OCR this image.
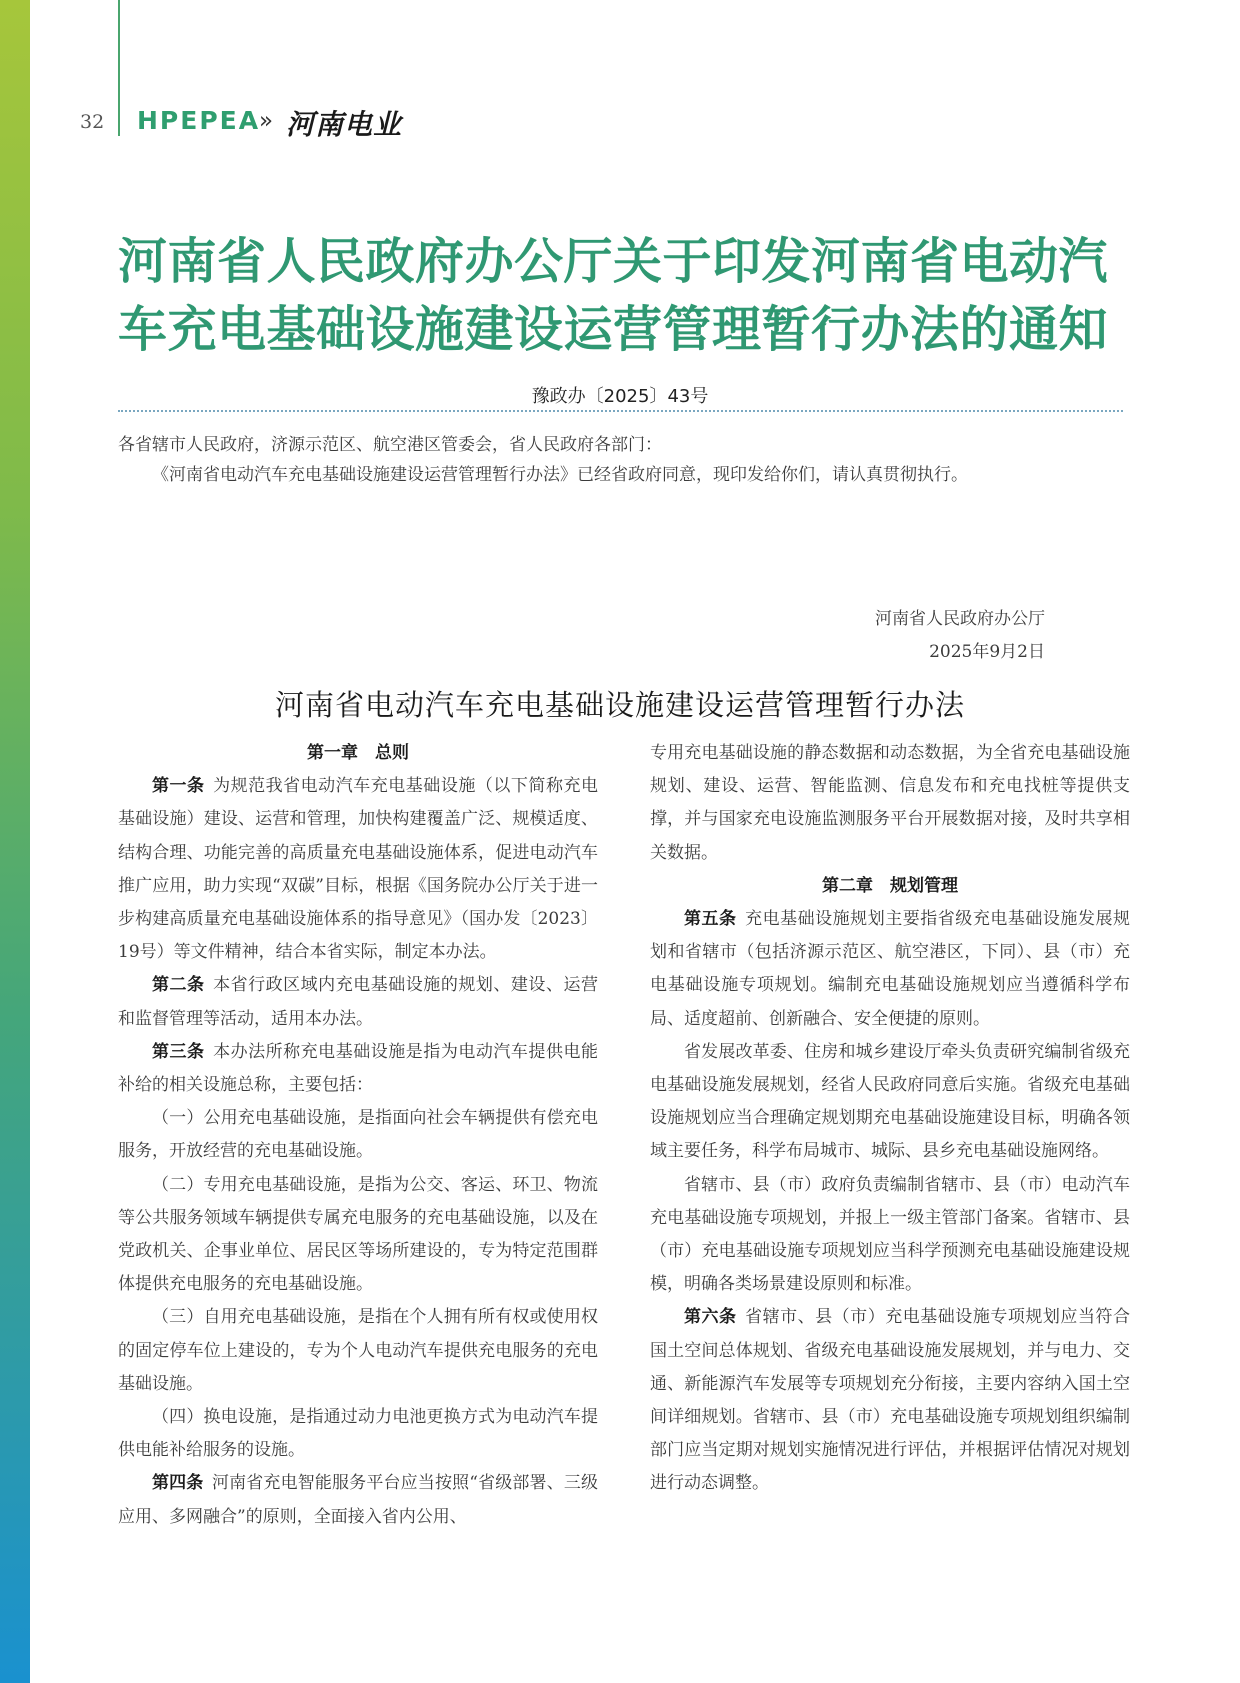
32 HPEPEA
» 河南电业
河南省人民政府办公厅关于印发河南省电动汽
车充电基础设施建设运营管理暂行办法的通知
豫政办〔2025〕43号
各省辖市人民政府，济源示范区、航空港区管委会，省人民政府各部门：
《河南省电动汽车充电基础设施建设运营管理暂行办法》已经省政府同意，现印发给你们，请认真贯彻执行。
河南省人民政府办公厅
2025年9月2日
河南省电动汽车充电基础设施建设运营管理暂行办法

第一章　总则

第一条 为规范我省电动汽车充电基础设施（以下简称充电基础设施）建设、运营和管理，加快构建覆盖广泛、规模适度、结构合理、功能完善的高质量充电基础设施体系，促进电动汽车推广应用，助力实现“双碳”目标，根据《国务院办公厅关于进一步构建高质量充电基础设施体系的指导意见》（国办发〔2023〕19号）等文件精神，结合本省实际，制定本办法。

第二条 本省行政区域内充电基础设施的规划、建设、运营和监督管理等活动，适用本办法。

第三条 本办法所称充电基础设施是指为电动汽车提供电能补给的相关设施总称，主要包括：

（一）公用充电基础设施，是指面向社会车辆提供有偿充电服务，开放经营的充电基础设施。

（二）专用充电基础设施，是指为公交、客运、环卫、物流等公共服务领域车辆提供专属充电服务的充电基础设施，以及在党政机关、企事业单位、居民区等场所建设的，专为特定范围群体提供充电服务的充电基础设施。

（三）自用充电基础设施，是指在个人拥有所有权或使用权的固定停车位上建设的，专为个人电动汽车提供充电服务的充电基础设施。

（四）换电设施，是指通过动力电池更换方式为电动汽车提供电能补给服务的设施。

第四条 河南省充电智能服务平台应当按照“省级部署、三级应用、多网融合”的原则，全面接入省内公用、

专用充电基础设施的静态数据和动态数据，为全省充电基础设施规划、建设、运营、智能监测、信息发布和充电找桩等提供支撑，并与国家充电设施监测服务平台开展数据对接，及时共享相关数据。

第二章　规划管理

第五条 充电基础设施规划主要指省级充电基础设施发展规划和省辖市（包括济源示范区、航空港区，下同）、县（市）充电基础设施专项规划。编制充电基础设施规划应当遵循科学布局、适度超前、创新融合、安全便捷的原则。

省发展改革委、住房和城乡建设厅牵头负责研究编制省级充电基础设施发展规划，经省人民政府同意后实施。省级充电基础设施规划应当合理确定规划期充电基础设施建设目标，明确各领域主要任务，科学布局城市、城际、县乡充电基础设施网络。

省辖市、县（市）政府负责编制省辖市、县（市）电动汽车充电基础设施专项规划，并报上一级主管部门备案。省辖市、县（市）充电基础设施专项规划应当科学预测充电基础设施建设规模，明确各类场景建设原则和标准。

第六条 省辖市、县（市）充电基础设施专项规划应当符合国土空间总体规划、省级充电基础设施发展规划，并与电力、交通、新能源汽车发展等专项规划充分衔接，主要内容纳入国土空间详细规划。省辖市、县（市）充电基础设施专项规划组织编制部门应当定期对规划实施情况进行评估，并根据评估情况对规划进行动态调整。
